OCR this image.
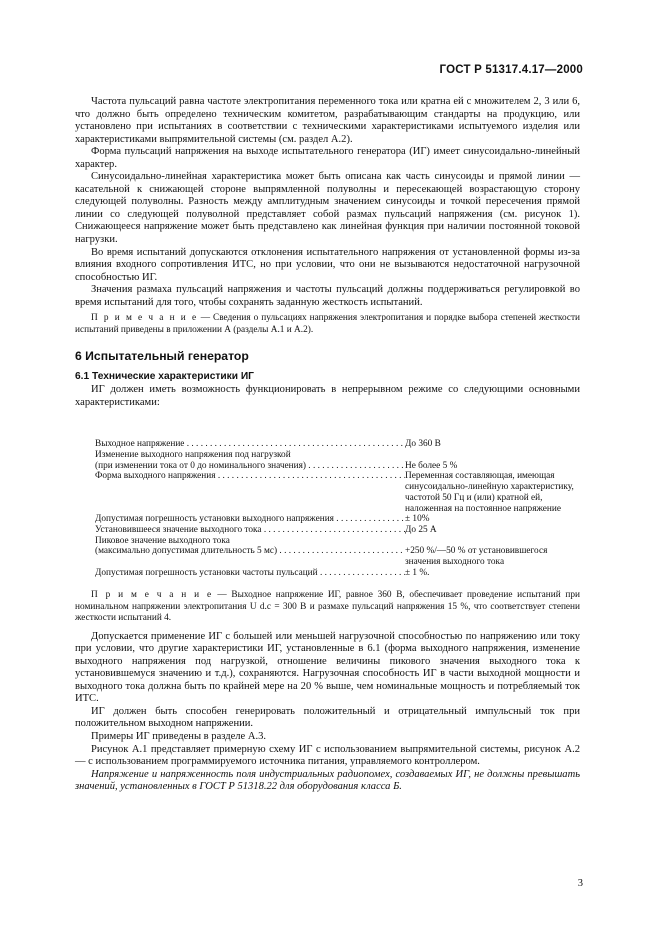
ГОСТ Р 51317.4.17—2000

Частота пульсаций равна частоте электропитания переменного тока или кратна ей с множителем 2, 3 или 6, что должно быть определено техническим комитетом, разрабатывающим стандарты на продукцию, или установлено при испытаниях в соответствии с техническими характеристиками испытуемого изделия или характеристиками выпрямительной системы (см. раздел А.2).

Форма пульсаций напряжения на выходе испытательного генератора (ИГ) имеет синусоидально-линейный характер.

Синусоидально-линейная характеристика может быть описана как часть синусоиды и прямой линии — касательной к снижающей стороне выпрямленной полуволны и пересекающей возрастающую сторону следующей полуволны. Разность между амплитудным значением синусоиды и точкой пересечения прямой линии со следующей полуволной представляет собой размах пульсаций напряжения (см. рисунок 1). Снижающееся напряжение может быть представлено как линейная функция при наличии постоянной токовой нагрузки.

Во время испытаний допускаются отклонения испытательного напряжения от установленной формы из-за влияния входного сопротивления ИТС, но при условии, что они не вызываются недостаточной нагрузочной способностью ИГ.

Значения размаха пульсаций напряжения и частоты пульсаций должны поддерживаться регулировкой во время испытаний для того, чтобы сохранять заданную жесткость испытаний.

П р и м е ч а н и е — Сведения о пульсациях напряжения электропитания и порядке выбора степеней жесткости испытаний приведены в приложении А (разделы А.1 и А.2).

6 Испытательный генератор
6.1 Технические характеристики ИГ

ИГ должен иметь возможность функционировать в непрерывном режиме со следующими основными характеристиками:

Выходное напряжение . . .	До 360 В
Изменение выходного напряжения под нагрузкой
(при изменении тока от 0 до номинального значения) . . .	Не более 5 %
Форма выходного напряжения . . .	Переменная составляющая, имеющая синусоидально-линейную характеристику, частотой 50 Гц и (или) кратной ей, наложенная на постоянное напряжение
Допустимая погрешность установки выходного напряжения . . .	± 10%
Установившееся значение выходного тока . . .	До 25 А
Пиковое значение выходного тока
(максимально допустимая длительность 5 мс) . . .	+250 %/—50 % от установившегося значения выходного тока
Допустимая погрешность установки частоты пульсаций . . .	± 1 %.

П р и м е ч а н и е — Выходное напряжение ИГ, равное 360 В, обеспечивает проведение испытаний при номинальном напряжении электропитания U d.c = 300 В и размахе пульсаций напряжения 15 %, что соответствует степени жесткости испытаний 4.

Допускается применение ИГ с большей или меньшей нагрузочной способностью по напряжению или току при условии, что другие характеристики ИГ, установленные в 6.1 (форма выходного напряжения, изменение выходного напряжения под нагрузкой, отношение величины пикового значения выходного тока к установившемуся значению и т.д.), сохраняются. Нагрузочная способность ИГ в части выходной мощности и выходного тока должна быть по крайней мере на 20 % выше, чем номинальные мощность и потребляемый ток ИТС.

ИГ должен быть способен генерировать положительный и отрицательный импульсный ток при положительном выходном напряжении.

Примеры ИГ приведены в разделе А.3.

Рисунок А.1 представляет примерную схему ИГ с использованием выпрямительной системы, рисунок А.2 — с использованием программируемого источника питания, управляемого контроллером.

Напряжение и напряженность поля индустриальных радиопомех, создаваемых ИГ, не должны превышать значений, установленных в ГОСТ Р 51318.22 для оборудования класса Б.

3
